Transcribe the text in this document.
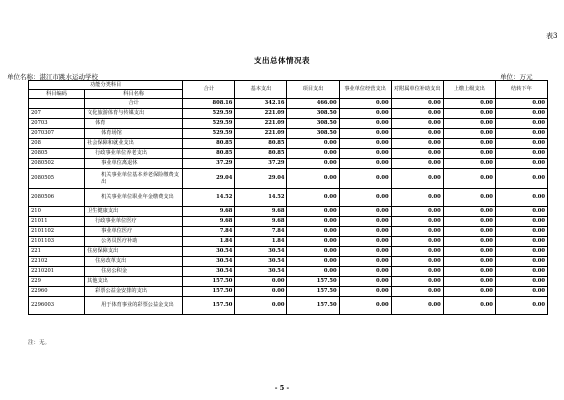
表3
支出总体情况表
单位名称：湛江市跳水运动学校	单位：万元
功能分类科目		合计	基本支出	项目支出	事业单位经营支出	对附属单位补助支出	上缴上级支出	结转下年
科目编码	科目名称							
	合计	808.16	342.16	466.00	0.00	0.00	0.00	0.00
207	文化旅游体育与传媒支出	529.59	221.09	308.50	0.00	0.00	0.00	0.00
20703	体育	529.59	221.09	308.50	0.00	0.00	0.00	0.00
2070307	体育场馆	529.59	221.09	308.50	0.00	0.00	0.00	0.00
208	社会保障和就业支出	80.85	80.85	0.00	0.00	0.00	0.00	0.00
20805	行政事业单位养老支出	80.85	80.85	0.00	0.00	0.00	0.00	0.00
2080502	事业单位离退休	37.29	37.29	0.00	0.00	0.00	0.00	0.00
2080505	机关事业单位基本养老保险缴费支出	29.04	29.04	0.00	0.00	0.00	0.00	0.00
2080506	机关事业单位职业年金缴费支出	14.52	14.52	0.00	0.00	0.00	0.00	0.00
210	卫生健康支出	9.68	9.68	0.00	0.00	0.00	0.00	0.00
21011	行政事业单位医疗	9.68	9.68	0.00	0.00	0.00	0.00	0.00
2101102	事业单位医疗	7.84	7.84	0.00	0.00	0.00	0.00	0.00
2101103	公务员医疗补助	1.84	1.84	0.00	0.00	0.00	0.00	0.00
221	住房保障支出	30.54	30.54	0.00	0.00	0.00	0.00	0.00
22102	住房改革支出	30.54	30.54	0.00	0.00	0.00	0.00	0.00
2210201	住房公积金	30.54	30.54	0.00	0.00	0.00	0.00	0.00
229	其他支出	157.50	0.00	157.50	0.00	0.00	0.00	0.00
22960	彩票公益金安排的支出	157.50	0.00	157.50	0.00	0.00	0.00	0.00
2296003	用于体育事业的彩票公益金支出	157.50	0.00	157.50	0.00	0.00	0.00	0.00
注：无。
- 5 -
